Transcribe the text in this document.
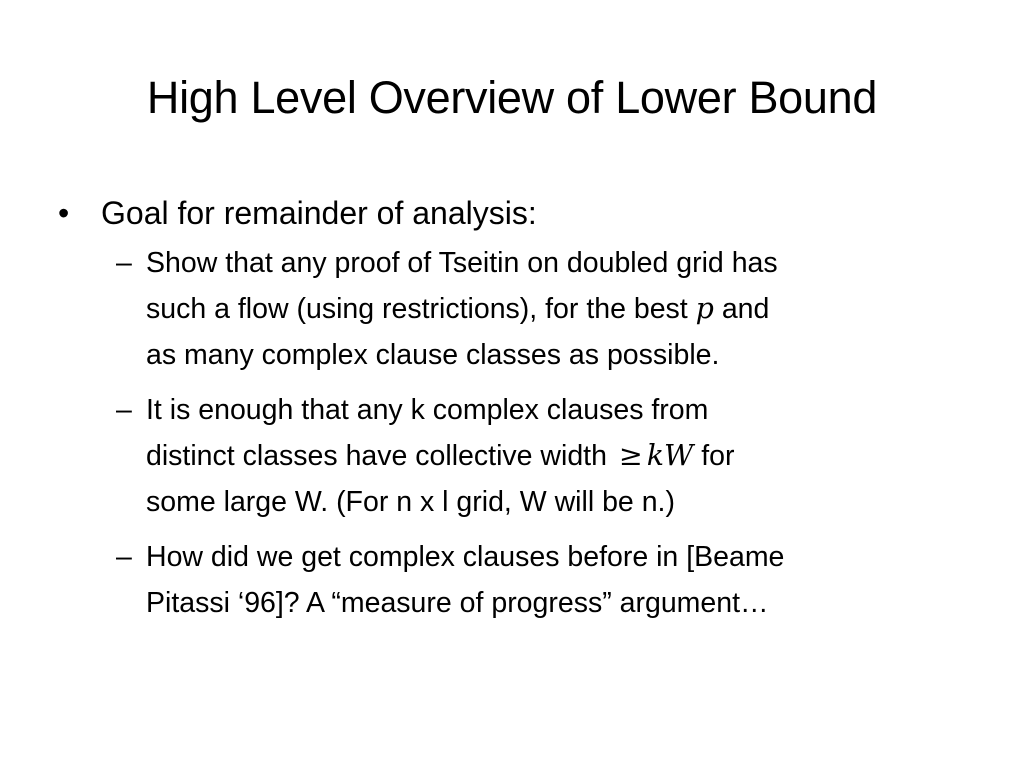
High Level Overview of Lower Bound
• Goal for remainder of analysis:
– Show that any proof of Tseitin on doubled grid has
such a flow (using restrictions), for the best p and
as many complex clause classes as possible.
– It is enough that any k complex clauses from
distinct classes have collective width ≥ kW for
some large W. (For n x l grid, W will be n.)
– How did we get complex clauses before in [Beame
Pitassi ‘96]? A “measure of progress” argument…
